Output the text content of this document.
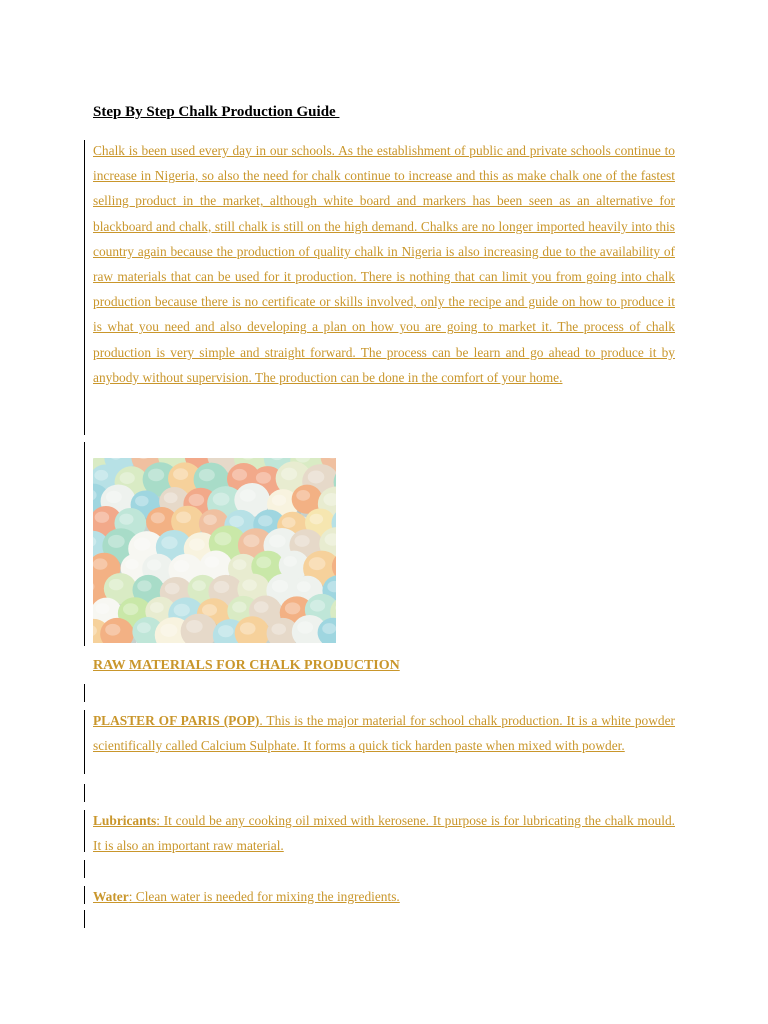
Step By Step Chalk Production Guide

Chalk is been used every day in our schools. As the establishment of public and private schools continue to increase in Nigeria, so also the need for chalk continue to increase and this as make chalk one of the fastest selling product in the market, although white board and markers has been seen as an alternative for blackboard and chalk, still chalk is still on the high demand. Chalks are no longer imported heavily into this country again because the production of quality chalk in Nigeria is also increasing due to the availability of raw materials that can be used for it production. There is nothing that can limit you from going into chalk production because there is no certificate or skills involved, only the recipe and guide on how to produce it is what you need and also developing a plan on how you are going to market it. The process of chalk production is very simple and straight forward. The process can be learn and go ahead to produce it by anybody without supervision. The production can be done in the comfort of your home.

RAW MATERIALS FOR CHALK PRODUCTION

PLASTER OF PARIS (POP). This is the major material for school chalk production. It is a white powder scientifically called Calcium Sulphate. It forms a quick tick harden paste when mixed with powder.

Lubricants: It could be any cooking oil mixed with kerosene. It purpose is for lubricating the chalk mould. It is also an important raw material.

Water: Clean water is needed for mixing the ingredients.
